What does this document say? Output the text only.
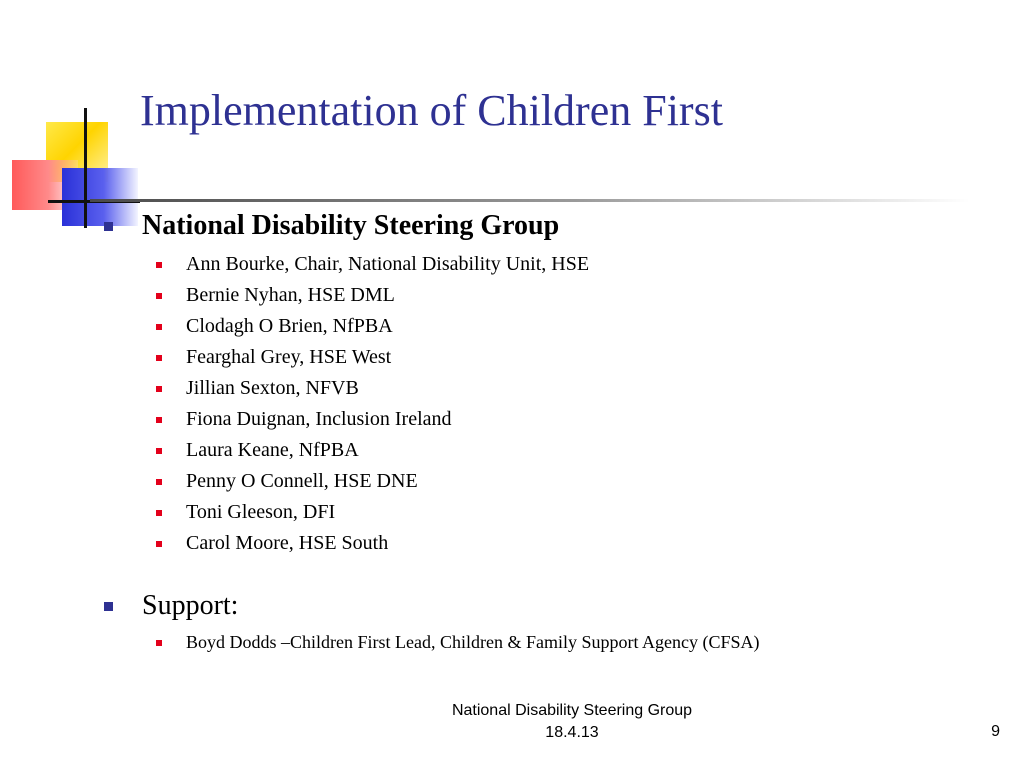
Implementation of Children First
National Disability Steering Group
Ann Bourke, Chair, National Disability Unit, HSE
Bernie Nyhan, HSE DML
Clodagh O Brien, NfPBA
Fearghal Grey, HSE West
Jillian Sexton, NFVB
Fiona Duignan, Inclusion Ireland
Laura Keane, NfPBA
Penny O Connell, HSE DNE
Toni Gleeson, DFI
Carol Moore, HSE South
Support:
Boyd Dodds –Children First Lead, Children & Family Support Agency (CFSA)
National Disability Steering Group
18.4.13	9
